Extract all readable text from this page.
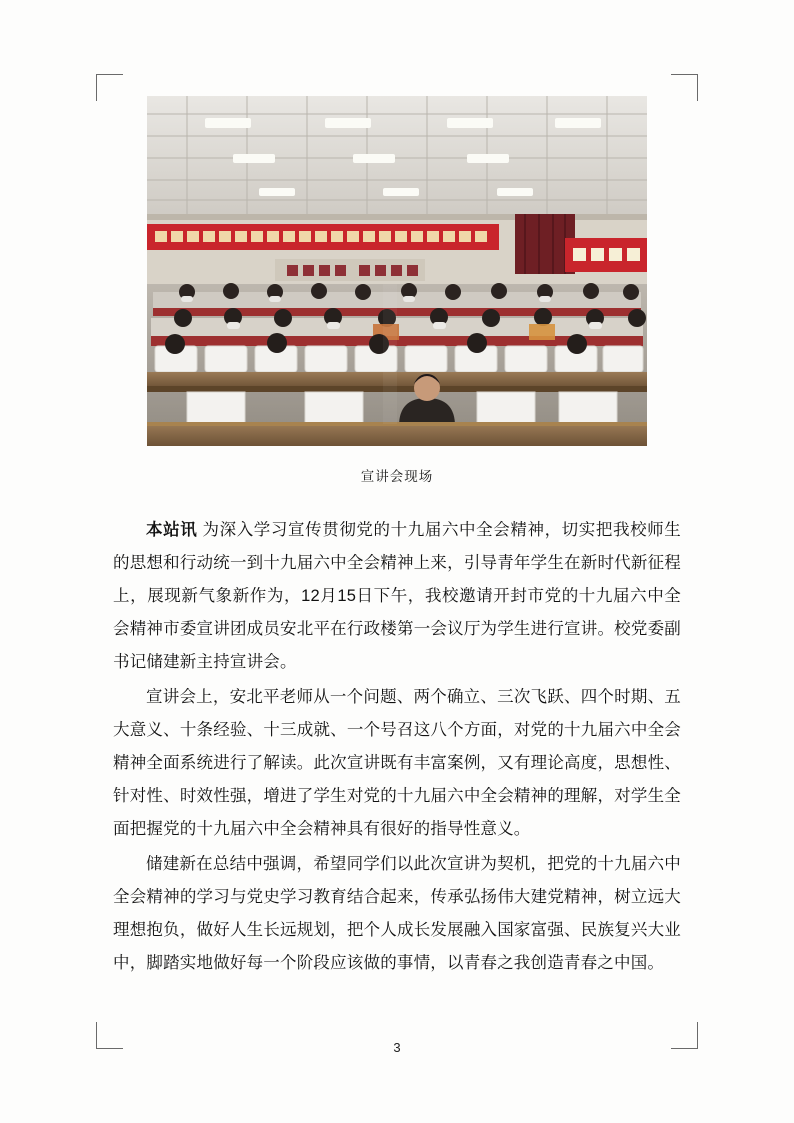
宣讲会现场

本站讯 为深入学习宣传贯彻党的十九届六中全会精神，切实把我校师生的思想和行动统一到十九届六中全会精神上来，引导青年学生在新时代新征程上，展现新气象新作为，12月15日下午，我校邀请开封市党的十九届六中全会精神市委宣讲团成员安北平在行政楼第一会议厅为学生进行宣讲。校党委副书记储建新主持宣讲会。

宣讲会上，安北平老师从一个问题、两个确立、三次飞跃、四个时期、五大意义、十条经验、十三成就、一个号召这八个方面，对党的十九届六中全会精神全面系统进行了解读。此次宣讲既有丰富案例，又有理论高度，思想性、针对性、时效性强，增进了学生对党的十九届六中全会精神的理解，对学生全面把握党的十九届六中全会精神具有很好的指导性意义。

储建新在总结中强调，希望同学们以此次宣讲为契机，把党的十九届六中全会精神的学习与党史学习教育结合起来，传承弘扬伟大建党精神，树立远大理想抱负，做好人生长远规划，把个人成长发展融入国家富强、民族复兴大业中，脚踏实地做好每一个阶段应该做的事情，以青春之我创造青春之中国。

3
